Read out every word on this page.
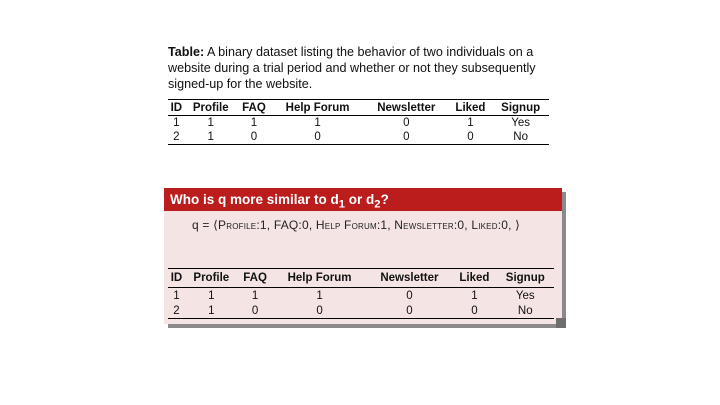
Table: A binary dataset listing the behavior of two individuals on a website during a trial period and whether or not they subsequently signed-up for the website.
ID	Profile	FAQ	Help Forum	Newsletter	Liked	Signup
1	1	1	1	0	1	Yes
2	1	0	0	0	0	No
Who is q more similar to $d_1$ or $d_2$?
q = ⟨Profile:1, FAQ:0, Help Forum:1, Newsletter:0, Liked:0, ⟩
ID	Profile	FAQ	Help Forum	Newsletter	Liked	Signup
1	1	1	1	0	1	Yes
2	1	0	0	0	0	No
